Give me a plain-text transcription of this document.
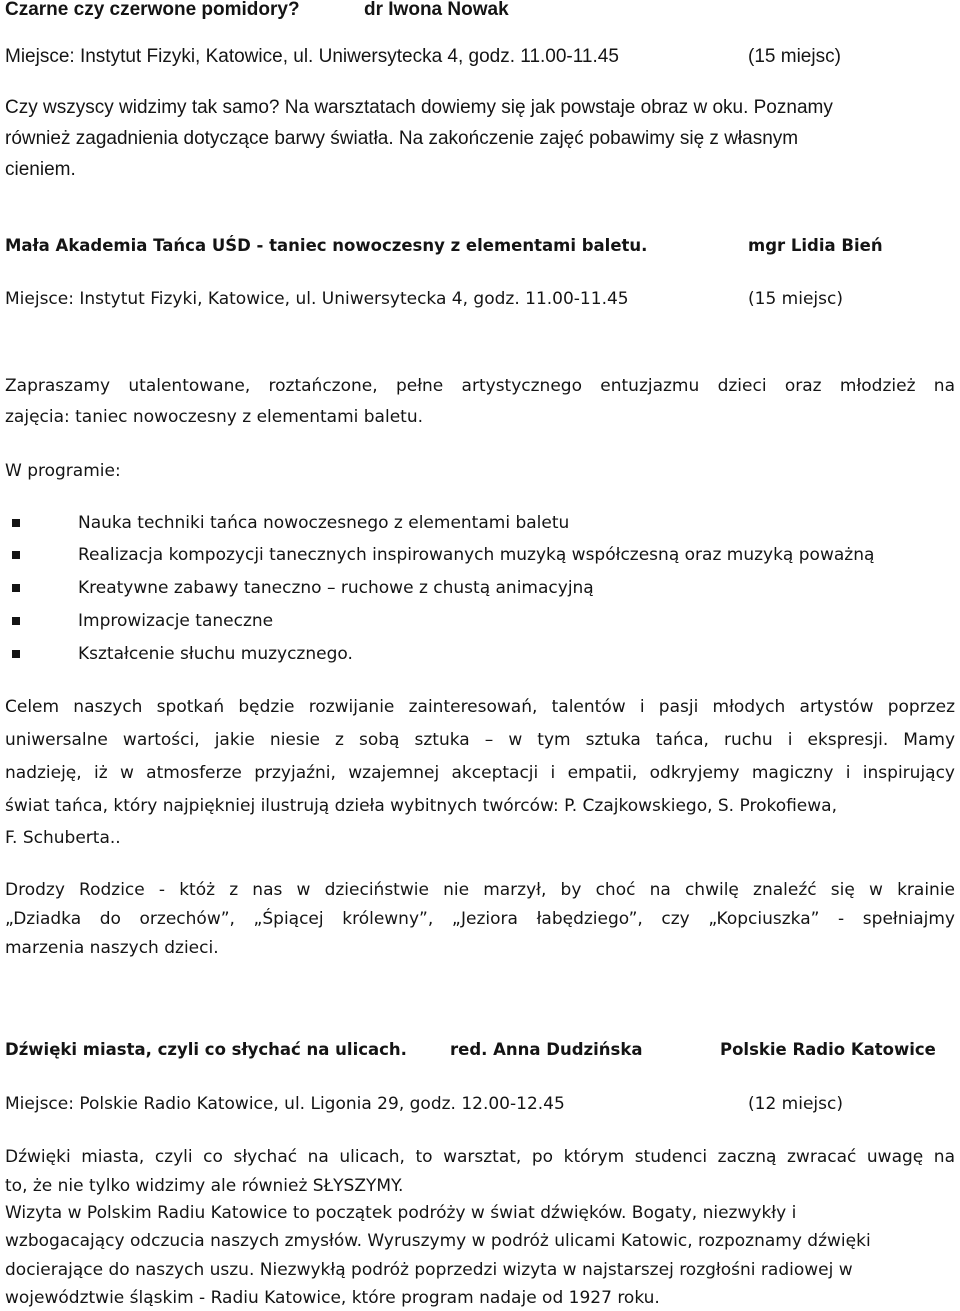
Czarne czy czerwone pomidory?	dr Iwona Nowak
Miejsce: Instytut Fizyki, Katowice, ul. Uniwersytecka 4, godz. 11.00-11.45	(15 miejsc)
Czy wszyscy widzimy tak samo? Na warsztatach dowiemy się jak powstaje obraz w oku. Poznamy
również zagadnienia dotyczące barwy światła. Na zakończenie zajęć pobawimy się z własnym
cieniem.
Mała Akademia Tańca UŚD - taniec nowoczesny z elementami baletu.	mgr Lidia Bień
Miejsce: Instytut Fizyki, Katowice, ul. Uniwersytecka 4, godz. 11.00-11.45	(15 miejsc)
Zapraszamy utalentowane, roztańczone, pełne artystycznego entuzjazmu dzieci oraz młodzież na
zajęcia: taniec nowoczesny z elementami baletu.
W programie:
Nauka techniki tańca nowoczesnego z elementami baletu
Realizacja kompozycji tanecznych inspirowanych muzyką współczesną oraz muzyką poważną
Kreatywne zabawy taneczno – ruchowe z chustą animacyjną
Improwizacje taneczne
Kształcenie słuchu muzycznego.
Celem naszych spotkań będzie rozwijanie zainteresowań, talentów i pasji młodych artystów poprzez
uniwersalne wartości, jakie niesie z sobą sztuka – w tym sztuka tańca, ruchu i ekspresji. Mamy
nadzieję, iż w atmosferze przyjaźni, wzajemnej akceptacji i empatii, odkryjemy magiczny i inspirujący
świat tańca, który najpiękniej ilustrują dzieła wybitnych twórców: P. Czajkowskiego, S. Prokofiewa,
F. Schuberta..
Drodzy Rodzice - któż z nas w dzieciństwie nie marzył, by choć na chwilę znaleźć się w krainie
„Dziadka do orzechów”, „Śpiącej królewny”, „Jeziora łabędziego”, czy „Kopciuszka” - spełniajmy
marzenia naszych dzieci.
Dźwięki miasta, czyli co słychać na ulicach.	red. Anna Dudzińska	Polskie Radio Katowice
Miejsce: Polskie Radio Katowice, ul. Ligonia 29, godz. 12.00-12.45	(12 miejsc)
Dźwięki miasta, czyli co słychać na ulicach, to warsztat, po którym studenci zaczną zwracać uwagę na
to, że nie tylko widzimy ale również SŁYSZYMY.
Wizyta w Polskim Radiu Katowice to początek podróży w świat dźwięków. Bogaty, niezwykły i
wzbogacający odczucia naszych zmysłów. Wyruszymy w podróż ulicami Katowic, rozpoznamy dźwięki
docierające do naszych uszu. Niezwykłą podróż poprzedzi wizyta w najstarszej rozgłośni radiowej w
województwie śląskim - Radiu Katowice, które program nadaje od 1927 roku.
